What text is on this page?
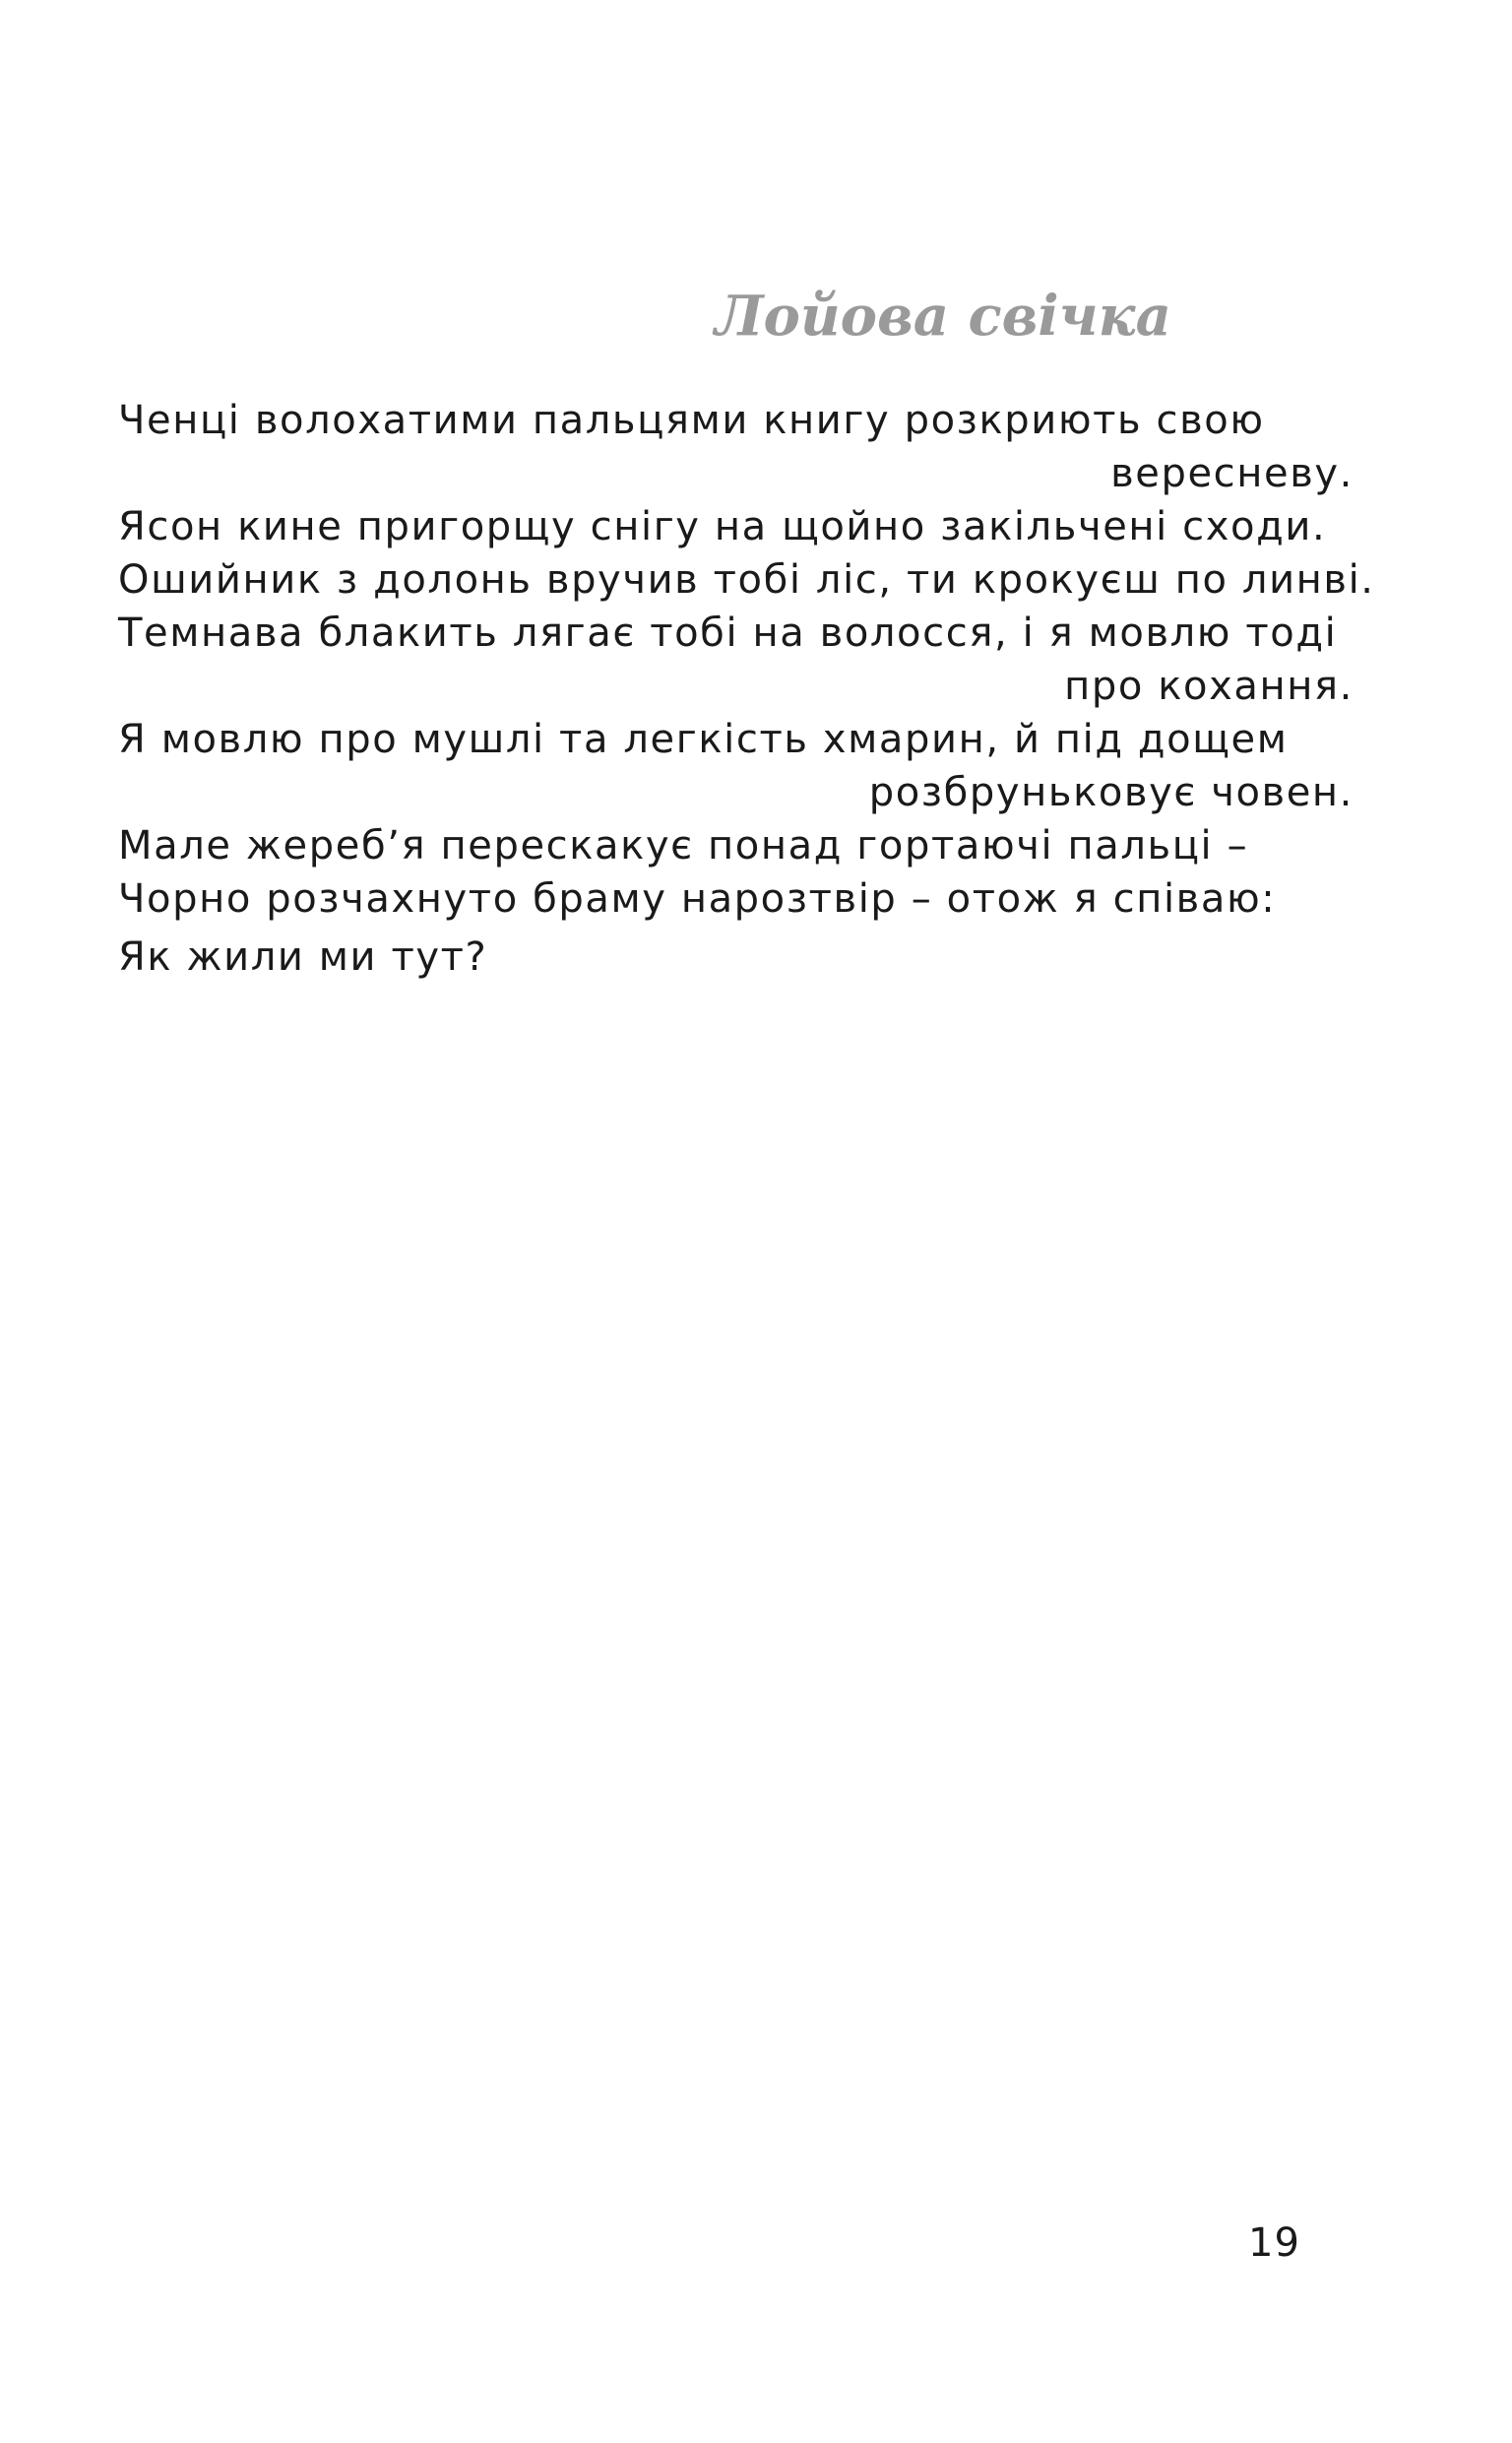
Лойова свічка
Ченці волохатими пальцями книгу розкриють свою
вересневу.
Ясон кине пригорщу снігу на щойно закільчені сходи.
Ошийник з долонь вручив тобі ліс, ти крокуєш по линві.
Темнава блакить лягає тобі на волосся, і я мовлю тоді
про кохання.
Я мовлю про мушлі та легкість хмарин, й під дощем
розбруньковує човен.
Мале жереб’я перескакує понад гортаючі пальці –
Чорно розчахнуто браму нарозтвір – отож я співаю:
Як жили ми тут?

19
